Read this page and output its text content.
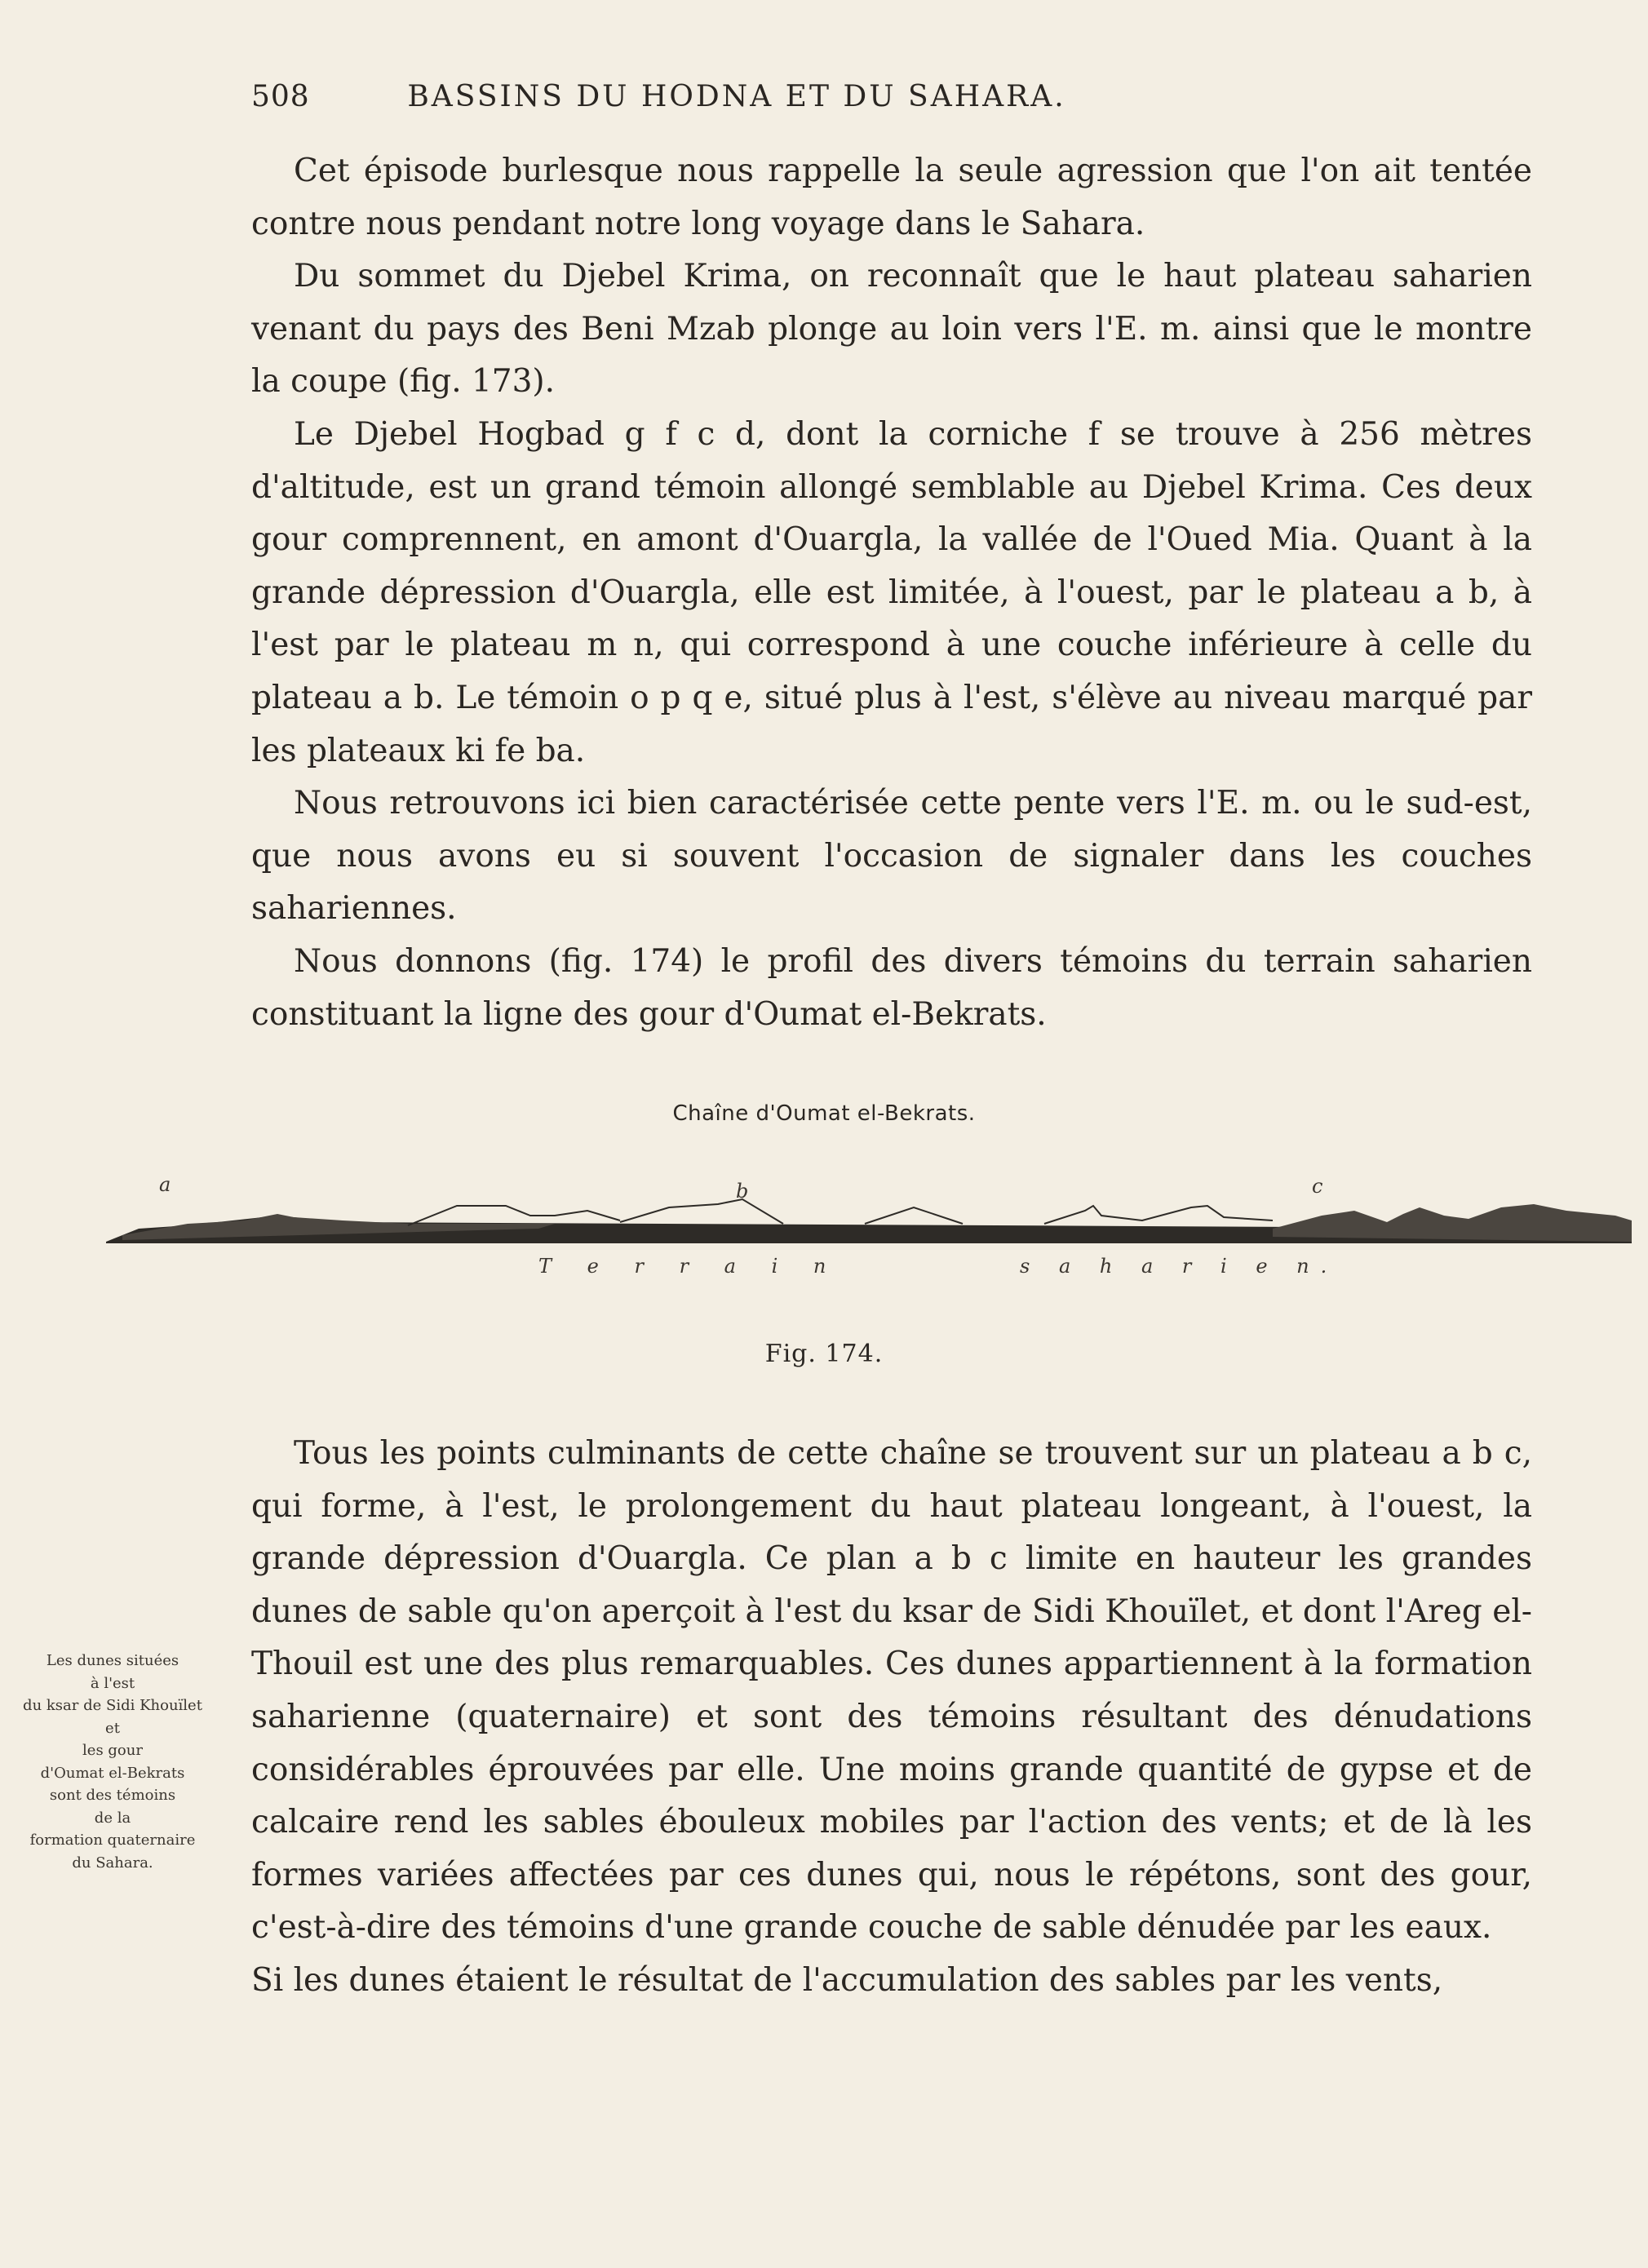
508	BASSINS DU HODNA ET DU SAHARA.

Cet épisode burlesque nous rappelle la seule agression que l'on ait tentée contre nous pendant notre long voyage dans le Sahara.

Du sommet du Djebel Krima, on reconnaît que le haut plateau saharien venant du pays des Beni Mzab plonge au loin vers l'E. m. ainsi que le montre la coupe (fig. 173).

Le Djebel Hogbad g f c d, dont la corniche f se trouve à 256 mètres d'altitude, est un grand témoin allongé semblable au Djebel Krima. Ces deux gour comprennent, en amont d'Ouargla, la vallée de l'Oued Mia. Quant à la grande dépression d'Ouargla, elle est limitée, à l'ouest, par le plateau a b, à l'est par le plateau m n, qui correspond à une couche inférieure à celle du plateau a b. Le témoin o p q e, situé plus à l'est, s'élève au niveau marqué par les plateaux ki fe ba.

Nous retrouvons ici bien caractérisée cette pente vers l'E. m. ou le sud-est, que nous avons eu si souvent l'occasion de signaler dans les couches sahariennes.

Nous donnons (fig. 174) le profil des divers témoins du terrain saharien constituant la ligne des gour d'Oumat el-Bekrats.

Chaîne d'Oumat el-Bekrats.
a	b	c
T e r r a i n	s a h a r i e n.
Fig. 174.

Tous les points culminants de cette chaîne se trouvent sur un plateau a b c, qui forme, à l'est, le prolongement du haut plateau longeant, à l'ouest, la grande dépression d'Ouargla. Ce plan a b c limite en hauteur les grandes dunes de sable qu'on aperçoit à l'est du ksar de Sidi Khouïlet, et dont l'Areg el-Thouil est une des plus remarquables. Ces dunes appartiennent à la formation saharienne (quaternaire) et sont des témoins résultant des dénudations considérables éprouvées par elle. Une moins grande quantité de gypse et de calcaire rend les sables ébouleux mobiles par l'action des vents; et de là les formes variées affectées par ces dunes qui, nous le répétons, sont des gour, c'est-à-dire des témoins d'une grande couche de sable dénudée par les eaux.

Si les dunes étaient le résultat de l'accumulation des sables par les vents,

Les dunes situées
à l'est
du ksar de Sidi Khouïlet
et
les gour
d'Oumat el-Bekrats
sont des témoins
de la
formation quaternaire
du Sahara.
